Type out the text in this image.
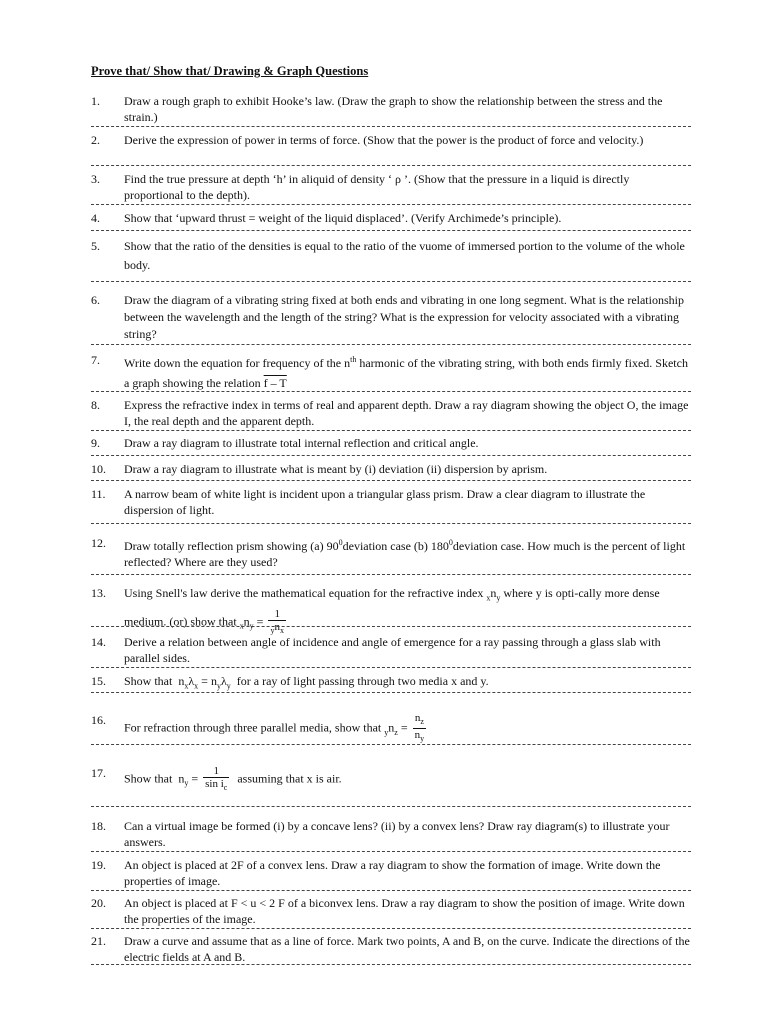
Prove that/ Show that/ Drawing & Graph Questions
1. Draw a rough graph to exhibit Hooke’s law. (Draw the graph to show the relationship between the stress and the strain.)
2. Derive the expression of power in terms of force. (Show that the power is the product of force and velocity.)
3. Find the true pressure at depth ‘h’ in aliquid of density ‘ ρ ’. (Show that the pressure in a liquid is directly proportional to the depth).
4. Show that ‘upward thrust = weight of the liquid displaced’. (Verify Archimede’s principle).
5. Show that the ratio of the densities is equal to the ratio of the vuome of immersed portion to the volume of the whole body.
6. Draw the diagram of a vibrating string fixed at both ends and vibrating in one long segment. What is the relationship between the wavelength and the length of the string? What is the expression for velocity associated with a vibrating string?
7. Write down the equation for frequency of the $n^{th}$ harmonic of the vibrating string, with both ends firmly fixed. Sketch a graph showing the relation f – T
8. Express the refractive index in terms of real and apparent depth. Draw a ray diagram showing the object O, the image I, the real depth and the apparent depth.
9. Draw a ray diagram to illustrate total internal reflection and critical angle.
10. Draw a ray diagram to illustrate what is meant by (i) deviation (ii) dispersion by aprism.
11. A narrow beam of white light is incident upon a triangular glass prism. Draw a clear diagram to illustrate the dispersion of light.
12. Draw totally reflection prism showing (a) $90^0deviation$ case (b) $180^0deviation$ case. How much is the percent of light reflected? Where are they used?
13. Using Snell's law derive the mathematical equation for the refractive index $_xn_y$ where y is opti-cally more dense medium. (or) show that $_xn_y = \frac{1}{_yn_x}$
14. Derive a relation between angle of incidence and angle of emergence for a ray passing through a glass slab with parallel sides.
15. Show that  $n_x\lambda_x = n_y\lambda_y$ for a ray of light passing through two media x and y.
16.
For refraction through three parallel media, show that $_yn_z = \frac{n_z}{n_y}$
17. Show that  $n_y = \frac{1}{\sin i_c}$ assuming that x is air.
18. Can a virtual image be formed (i) by a concave lens? (ii) by a convex lens? Draw ray diagram(s) to illustrate your answers.
19. An object is placed at 2F of a convex lens. Draw a ray diagram to show the formation of image. Write down the properties of image.
20. An object is placed at F < u < 2 F of a biconvex lens. Draw a ray diagram to show the position of image. Write down the properties of the image.
21. Draw a curve and assume that as a line of force. Mark two points, A and B, on the curve. Indicate the directions of the electric fields at A and B.
